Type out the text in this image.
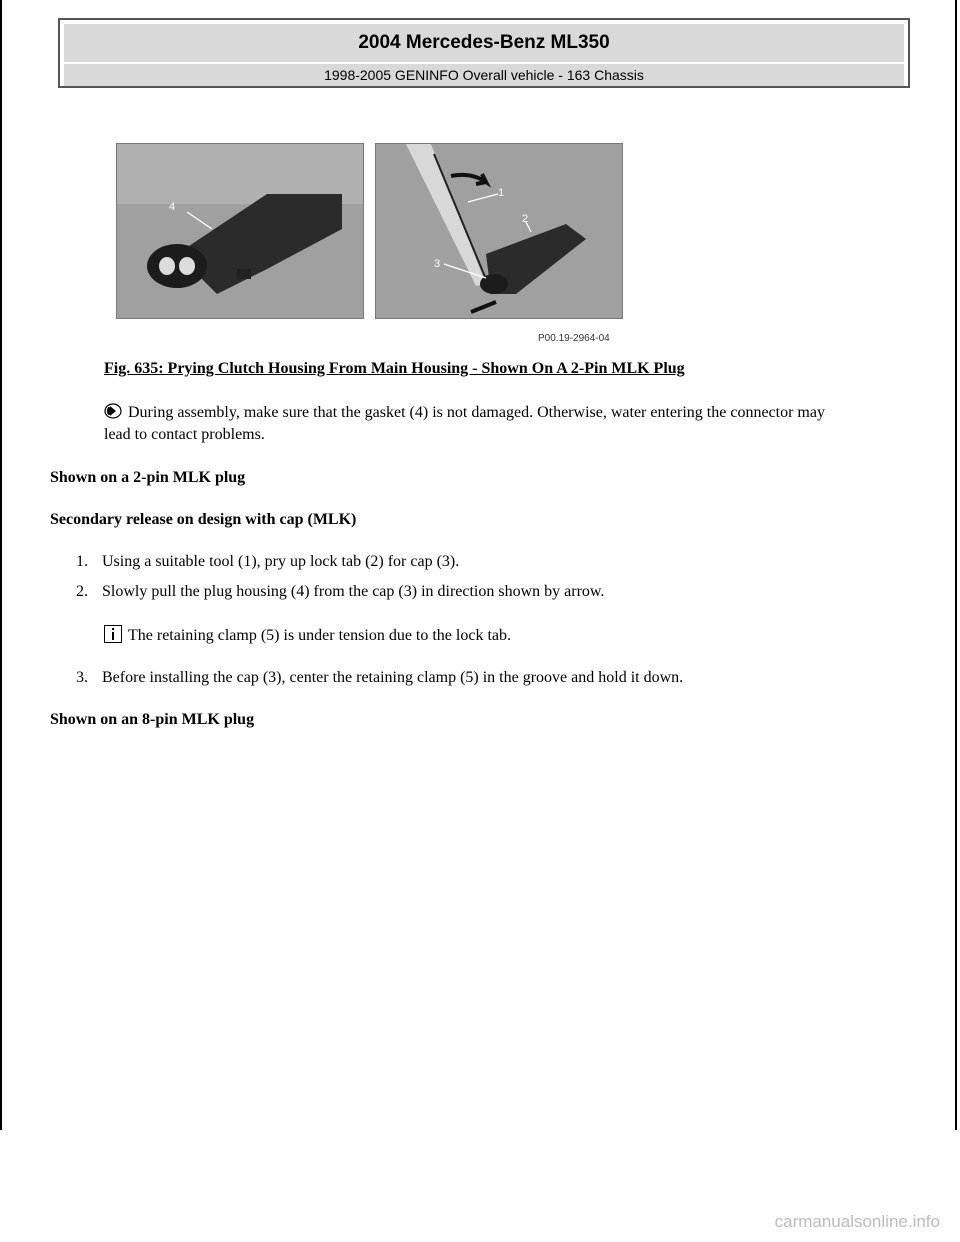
2004 Mercedes-Benz ML350
1998-2005 GENINFO Overall vehicle - 163 Chassis
4
1
2
3
P00.19-2964-04
Fig. 635: Prying Clutch Housing From Main Housing - Shown On A 2-Pin MLK Plug
During assembly, make sure that the gasket (4) is not damaged. Otherwise, water entering the connector may lead to contact problems.
Shown on a 2-pin MLK plug
Secondary release on design with cap (MLK)
1. Using a suitable tool (1), pry up lock tab (2) for cap (3).
2. Slowly pull the plug housing (4) from the cap (3) in direction shown by arrow.
The retaining clamp (5) is under tension due to the lock tab.
3. Before installing the cap (3), center the retaining clamp (5) in the groove and hold it down.
Shown on an 8-pin MLK plug
carmanualsonline.info
